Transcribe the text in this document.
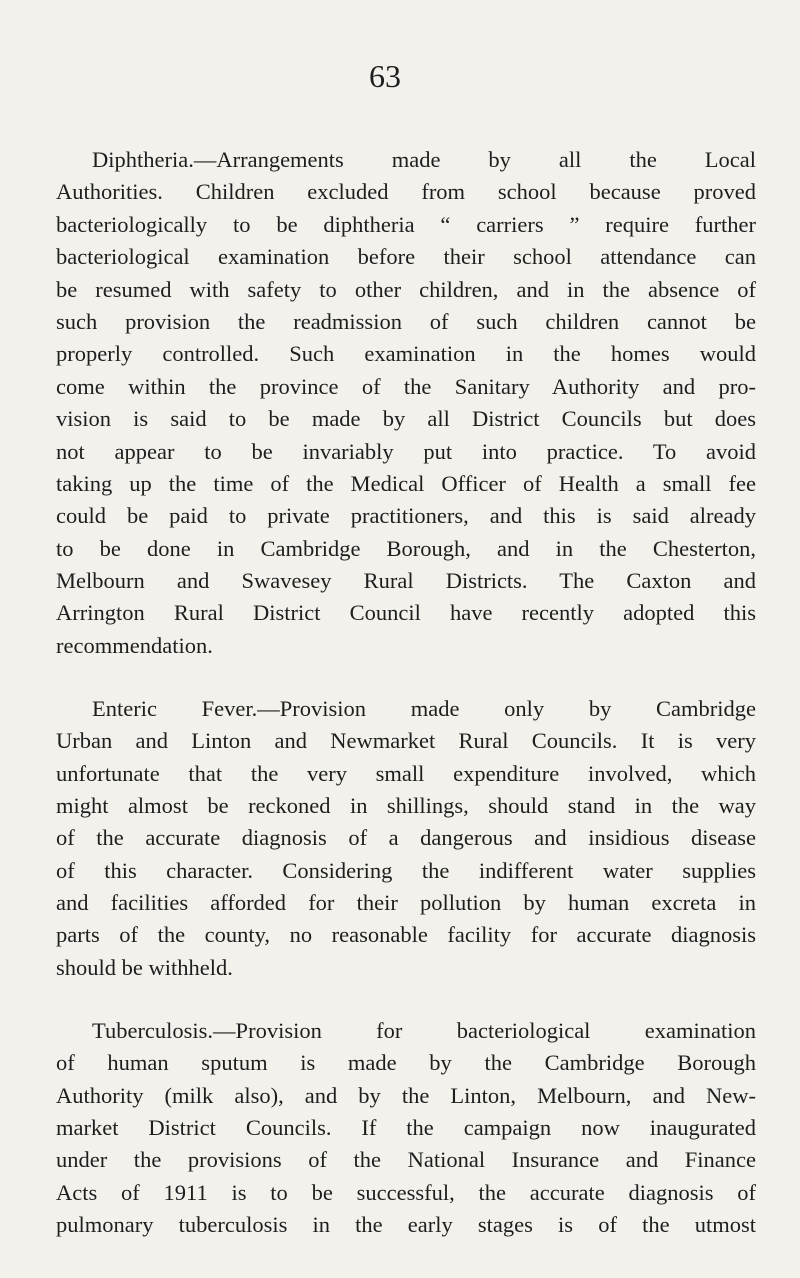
63
Diphtheria.—Arrangements made by all the Local
Authorities. Children excluded from school because proved
bacteriologically to be diphtheria “ carriers ” require further
bacteriological examination before their school attendance can
be resumed with safety to other children, and in the absence of
such provision the readmission of such children cannot be
properly controlled. Such examination in the homes would
come within the province of the Sanitary Authority and pro-
vision is said to be made by all District Councils but does
not appear to be invariably put into practice. To avoid
taking up the time of the Medical Officer of Health a small fee
could be paid to private practitioners, and this is said already
to be done in Cambridge Borough, and in the Chesterton,
Melbourn and Swavesey Rural Districts. The Caxton and
Arrington Rural District Council have recently adopted this
recommendation.
Enteric Fever.—Provision made only by Cambridge
Urban and Linton and Newmarket Rural Councils. It is very
unfortunate that the very small expenditure involved, which
might almost be reckoned in shillings, should stand in the way
of the accurate diagnosis of a dangerous and insidious disease
of this character. Considering the indifferent water supplies
and facilities afforded for their pollution by human excreta in
parts of the county, no reasonable facility for accurate diagnosis
should be withheld.
Tuberculosis.—Provision for bacteriological examination
of human sputum is made by the Cambridge Borough
Authority (milk also), and by the Linton, Melbourn, and New-
market District Councils. If the campaign now inaugurated
under the provisions of the National Insurance and Finance
Acts of 1911 is to be successful, the accurate diagnosis of
pulmonary tuberculosis in the early stages is of the utmost
